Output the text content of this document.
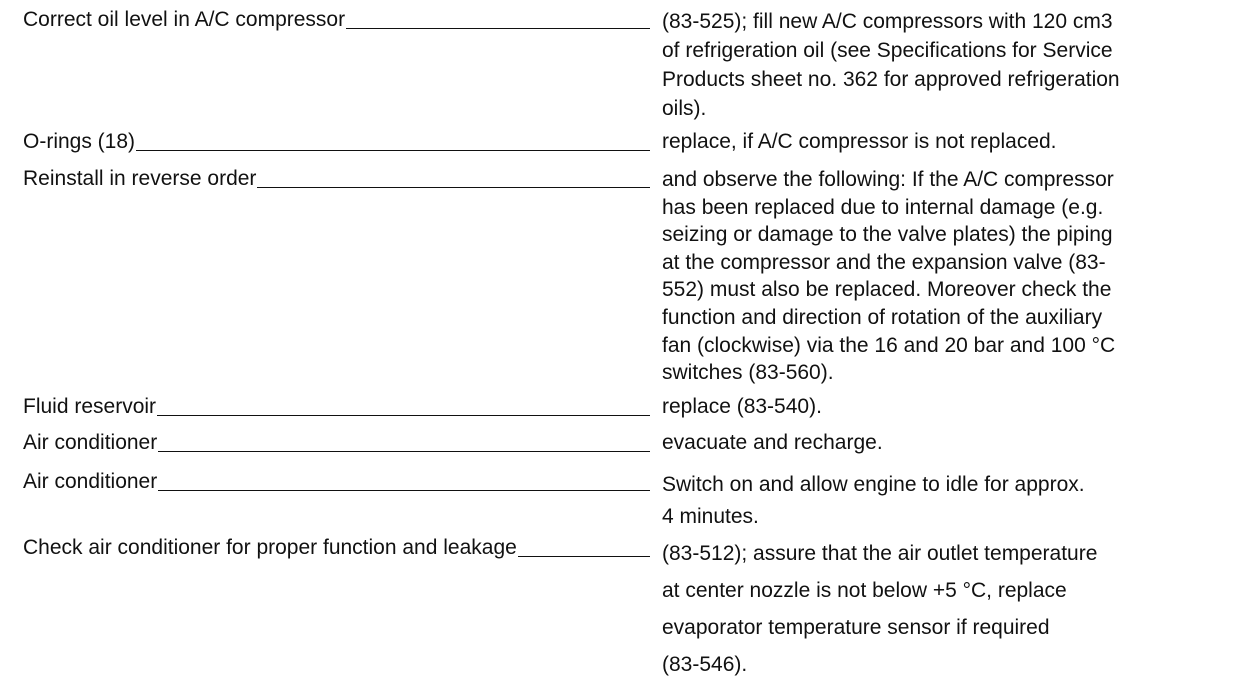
Correct oil level in A/C compressor	(83-525); fill new A/C compressors with 120 cm3
of refrigeration oil (see Specifications for Service
Products sheet no. 362 for approved refrigeration
oils).
O-rings (18)	replace, if A/C compressor is not replaced.
Reinstall in reverse order	and observe the following: If the A/C compressor
has been replaced due to internal damage (e.g.
seizing or damage to the valve plates) the piping
at the compressor and the expansion valve (83-
552) must also be replaced. Moreover check the
function and direction of rotation of the auxiliary
fan (clockwise) via the 16 and 20 bar and 100 °C
switches (83-560).
Fluid reservoir	replace (83-540).
Air conditioner	evacuate and recharge.
Air conditioner	Switch on and allow engine to idle for approx.
4 minutes.
Check air conditioner for proper function and leakage	(83-512); assure that the air outlet temperature
at center nozzle is not below +5 °C, replace
evaporator temperature sensor if required
(83-546).
